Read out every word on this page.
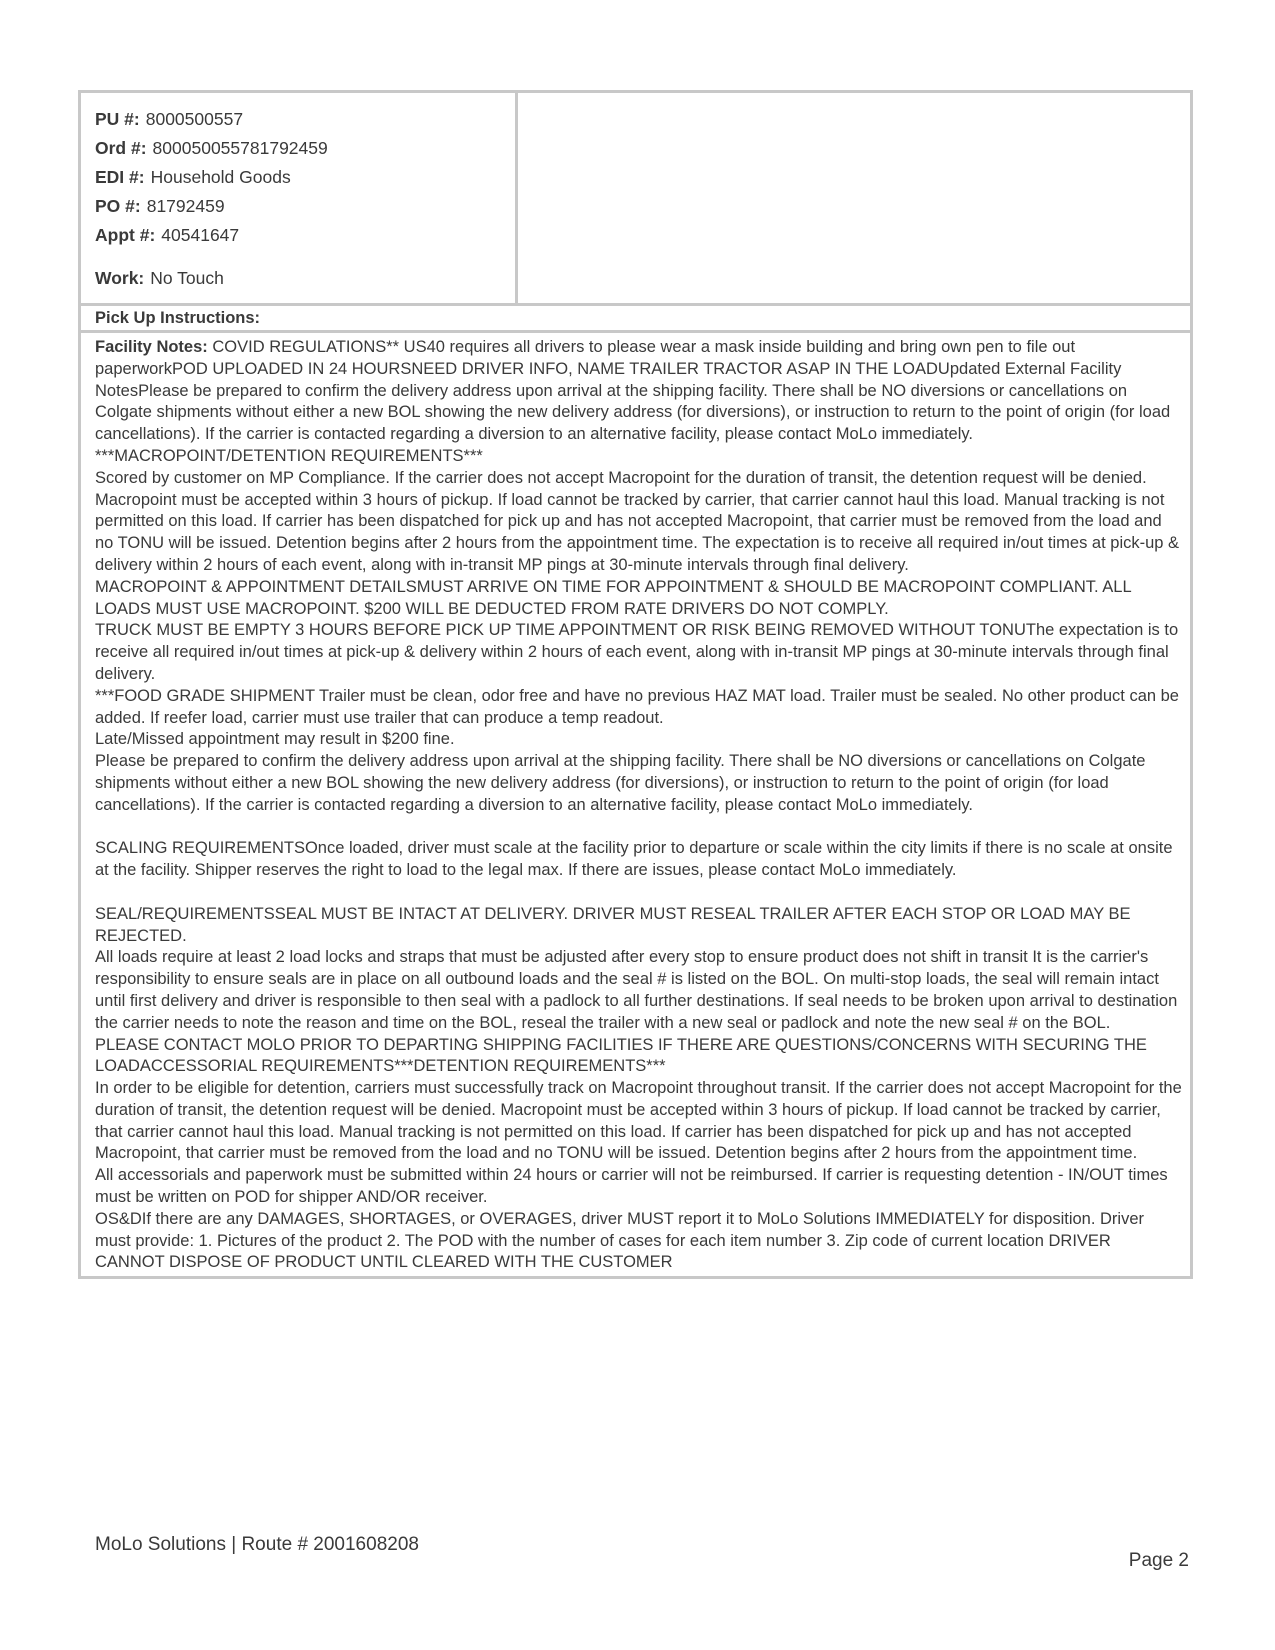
PU #: 8000500557
Ord #: 800050055781792459
EDI #: Household Goods
PO #: 81792459
Appt #: 40541647
Work: No Touch
Pick Up Instructions:

Facility Notes: COVID REGULATIONS** US40 requires all drivers to please wear a mask inside building and bring own pen to file out paperworkPOD UPLOADED IN 24 HOURSNEED DRIVER INFO, NAME TRAILER TRACTOR ASAP IN THE LOADUpdated External Facility NotesPlease be prepared to confirm the delivery address upon arrival at the shipping facility. There shall be NO diversions or cancellations on Colgate shipments without either a new BOL showing the new delivery address (for diversions), or instruction to return to the point of origin (for load cancellations). If the carrier is contacted regarding a diversion to an alternative facility, please contact MoLo immediately.

***MACROPOINT/DETENTION REQUIREMENTS***

Scored by customer on MP Compliance. If the carrier does not accept Macropoint for the duration of transit, the detention request will be denied. Macropoint must be accepted within 3 hours of pickup. If load cannot be tracked by carrier, that carrier cannot haul this load. Manual tracking is not permitted on this load. If carrier has been dispatched for pick up and has not accepted Macropoint, that carrier must be removed from the load and no TONU will be issued. Detention begins after 2 hours from the appointment time. The expectation is to receive all required in/out times at pick-up & delivery within 2 hours of each event, along with in-transit MP pings at 30-minute intervals through final delivery.

MACROPOINT & APPOINTMENT DETAILSMUST ARRIVE ON TIME FOR APPOINTMENT & SHOULD BE MACROPOINT COMPLIANT. ALL LOADS MUST USE MACROPOINT. $200 WILL BE DEDUCTED FROM RATE DRIVERS DO NOT COMPLY.

TRUCK MUST BE EMPTY 3 HOURS BEFORE PICK UP TIME APPOINTMENT OR RISK BEING REMOVED WITHOUT TONUThe expectation is to receive all required in/out times at pick-up & delivery within 2 hours of each event, along with in-transit MP pings at 30-minute intervals through final delivery.

***FOOD GRADE SHIPMENT Trailer must be clean, odor free and have no previous HAZ MAT load. Trailer must be sealed. No other product can be added. If reefer load, carrier must use trailer that can produce a temp readout.

Late/Missed appointment may result in $200 fine.

Please be prepared to confirm the delivery address upon arrival at the shipping facility. There shall be NO diversions or cancellations on Colgate shipments without either a new BOL showing the new delivery address (for diversions), or instruction to return to the point of origin (for load cancellations). If the carrier is contacted regarding a diversion to an alternative facility, please contact MoLo immediately.

SCALING REQUIREMENTSOnce loaded, driver must scale at the facility prior to departure or scale within the city limits if there is no scale at onsite at the facility. Shipper reserves the right to load to the legal max. If there are issues, please contact MoLo immediately.

SEAL/REQUIREMENTSSEAL MUST BE INTACT AT DELIVERY. DRIVER MUST RESEAL TRAILER AFTER EACH STOP OR LOAD MAY BE REJECTED.

All loads require at least 2 load locks and straps that must be adjusted after every stop to ensure product does not shift in transit It is the carrier's responsibility to ensure seals are in place on all outbound loads and the seal # is listed on the BOL. On multi-stop loads, the seal will remain intact until first delivery and driver is responsible to then seal with a padlock to all further destinations. If seal needs to be broken upon arrival to destination the carrier needs to note the reason and time on the BOL, reseal the trailer with a new seal or padlock and note the new seal # on the BOL.

PLEASE CONTACT MOLO PRIOR TO DEPARTING SHIPPING FACILITIES IF THERE ARE QUESTIONS/CONCERNS WITH SECURING THE LOADACCESSORIAL REQUIREMENTS***DETENTION REQUIREMENTS***

In order to be eligible for detention, carriers must successfully track on Macropoint throughout transit. If the carrier does not accept Macropoint for the duration of transit, the detention request will be denied. Macropoint must be accepted within 3 hours of pickup. If load cannot be tracked by carrier, that carrier cannot haul this load. Manual tracking is not permitted on this load. If carrier has been dispatched for pick up and has not accepted Macropoint, that carrier must be removed from the load and no TONU will be issued. Detention begins after 2 hours from the appointment time.

All accessorials and paperwork must be submitted within 24 hours or carrier will not be reimbursed. If carrier is requesting detention - IN/OUT times must be written on POD for shipper AND/OR receiver.

OS&DIf there are any DAMAGES, SHORTAGES, or OVERAGES, driver MUST report it to MoLo Solutions IMMEDIATELY for disposition. Driver must provide: 1. Pictures of the product 2. The POD with the number of cases for each item number 3. Zip code of current location DRIVER CANNOT DISPOSE OF PRODUCT UNTIL CLEARED WITH THE CUSTOMER

MoLo Solutions | Route # 2001608208
Page 2
